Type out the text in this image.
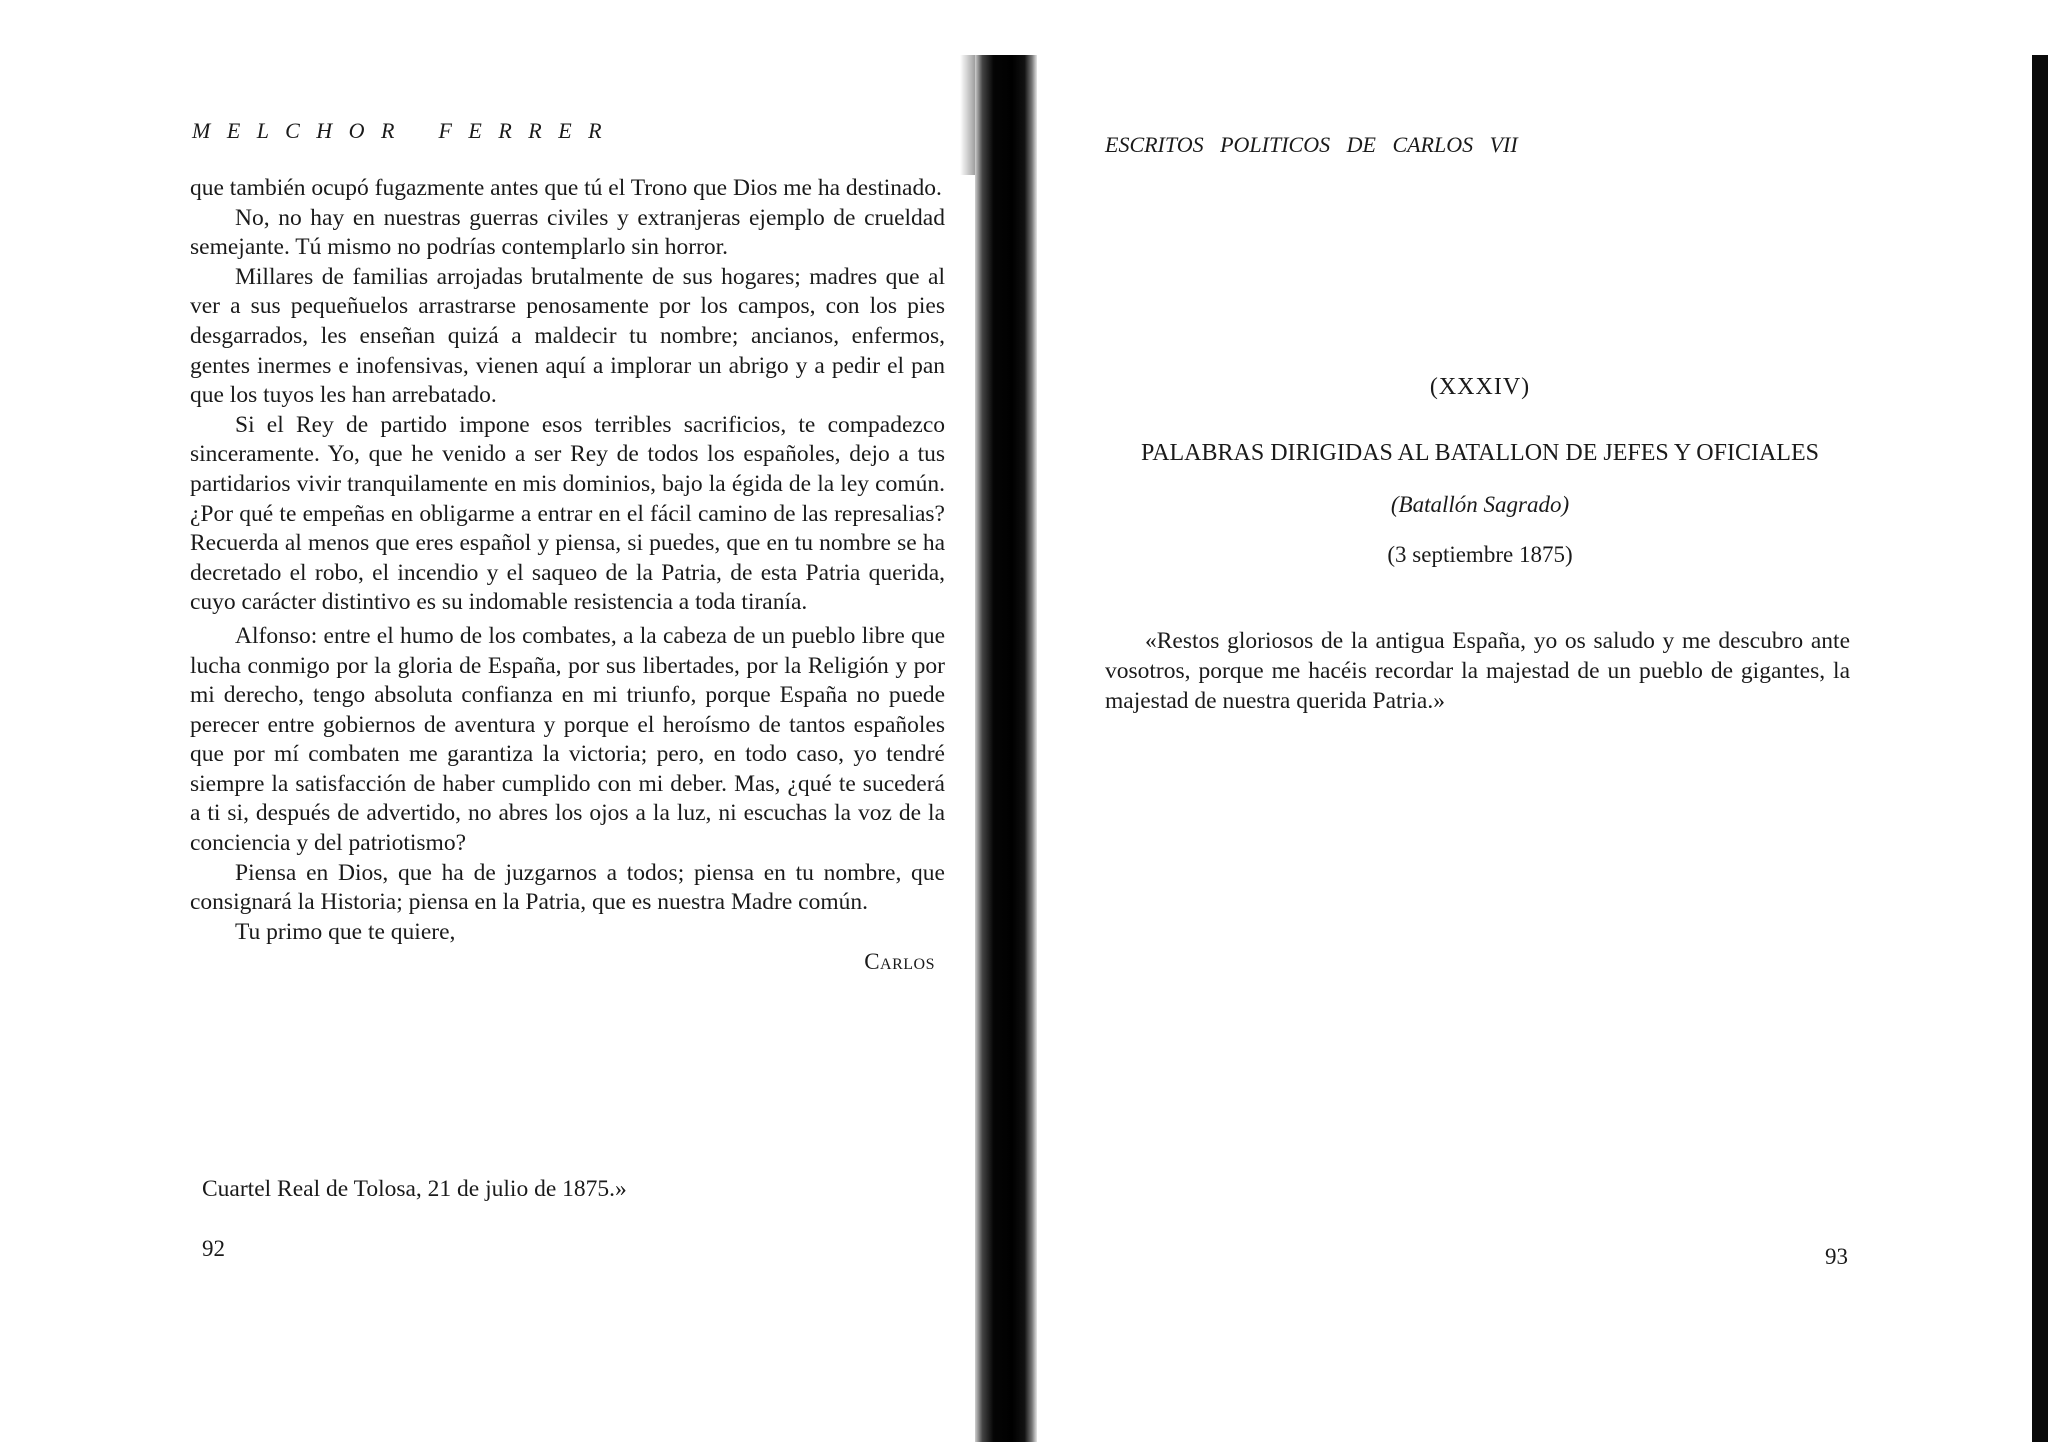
M   E   L   C   H   O   R        F   E   R   R   E   R

que también ocupó fugazmente antes que tú el Trono que Dios me ha destinado.

No, no hay en nuestras guerras civiles y extranjeras ejemplo de crueldad semejante. Tú mismo no podrías contemplarlo sin horror.

Millares de familias arrojadas brutalmente de sus hogares; madres que al ver a sus pequeñuelos arrastrarse penosamente por los campos, con los pies desgarrados, les enseñan quizá a maldecir tu nombre; ancianos, enfermos, gentes inermes e inofensivas, vienen aquí a implorar un abrigo y a pedir el pan que los tuyos les han arrebatado.

Si el Rey de partido impone esos terribles sacrificios, te compadezco sinceramente. Yo, que he venido a ser Rey de todos los españoles, dejo a tus partidarios vivir tranquilamente en mis dominios, bajo la égida de la ley común. ¿Por qué te empeñas en obligarme a entrar en el fácil camino de las represalias? Recuerda al menos que eres español y piensa, si puedes, que en tu nombre se ha decretado el robo, el incendio y el saqueo de la Patria, de esta Patria querida, cuyo carácter distintivo es su indomable resistencia a toda tiranía.

Alfonso: entre el humo de los combates, a la cabeza de un pueblo libre que lucha conmigo por la gloria de España, por sus libertades, por la Religión y por mi derecho, tengo absoluta confianza en mi triunfo, porque España no puede perecer entre gobiernos de aventura y porque el heroísmo de tantos españoles que por mí combaten me garantiza la victoria; pero, en todo caso, yo tendré siempre la satisfacción de haber cumplido con mi deber. Mas, ¿qué te sucederá a ti si, después de advertido, no abres los ojos a la luz, ni escuchas la voz de la conciencia y del patriotismo?

Piensa en Dios, que ha de juzgarnos a todos; piensa en tu nombre, que consignará la Historia; piensa en la Patria, que es nuestra Madre común.

Tu primo que te quiere,

Carlos

Cuartel Real de Tolosa, 21 de julio de 1875.»
92
ESCRITOS   POLITICOS   DE   CARLOS   VII
(XXXIV)
PALABRAS DIRIGIDAS AL BATALLON DE JEFES Y OFICIALES
(Batallón Sagrado)
(3 septiembre 1875)

«Restos gloriosos de la antigua España, yo os saludo y me descubro ante vosotros, porque me hacéis recordar la majestad de un pueblo de gigantes, la majestad de nuestra querida Patria.»

93
